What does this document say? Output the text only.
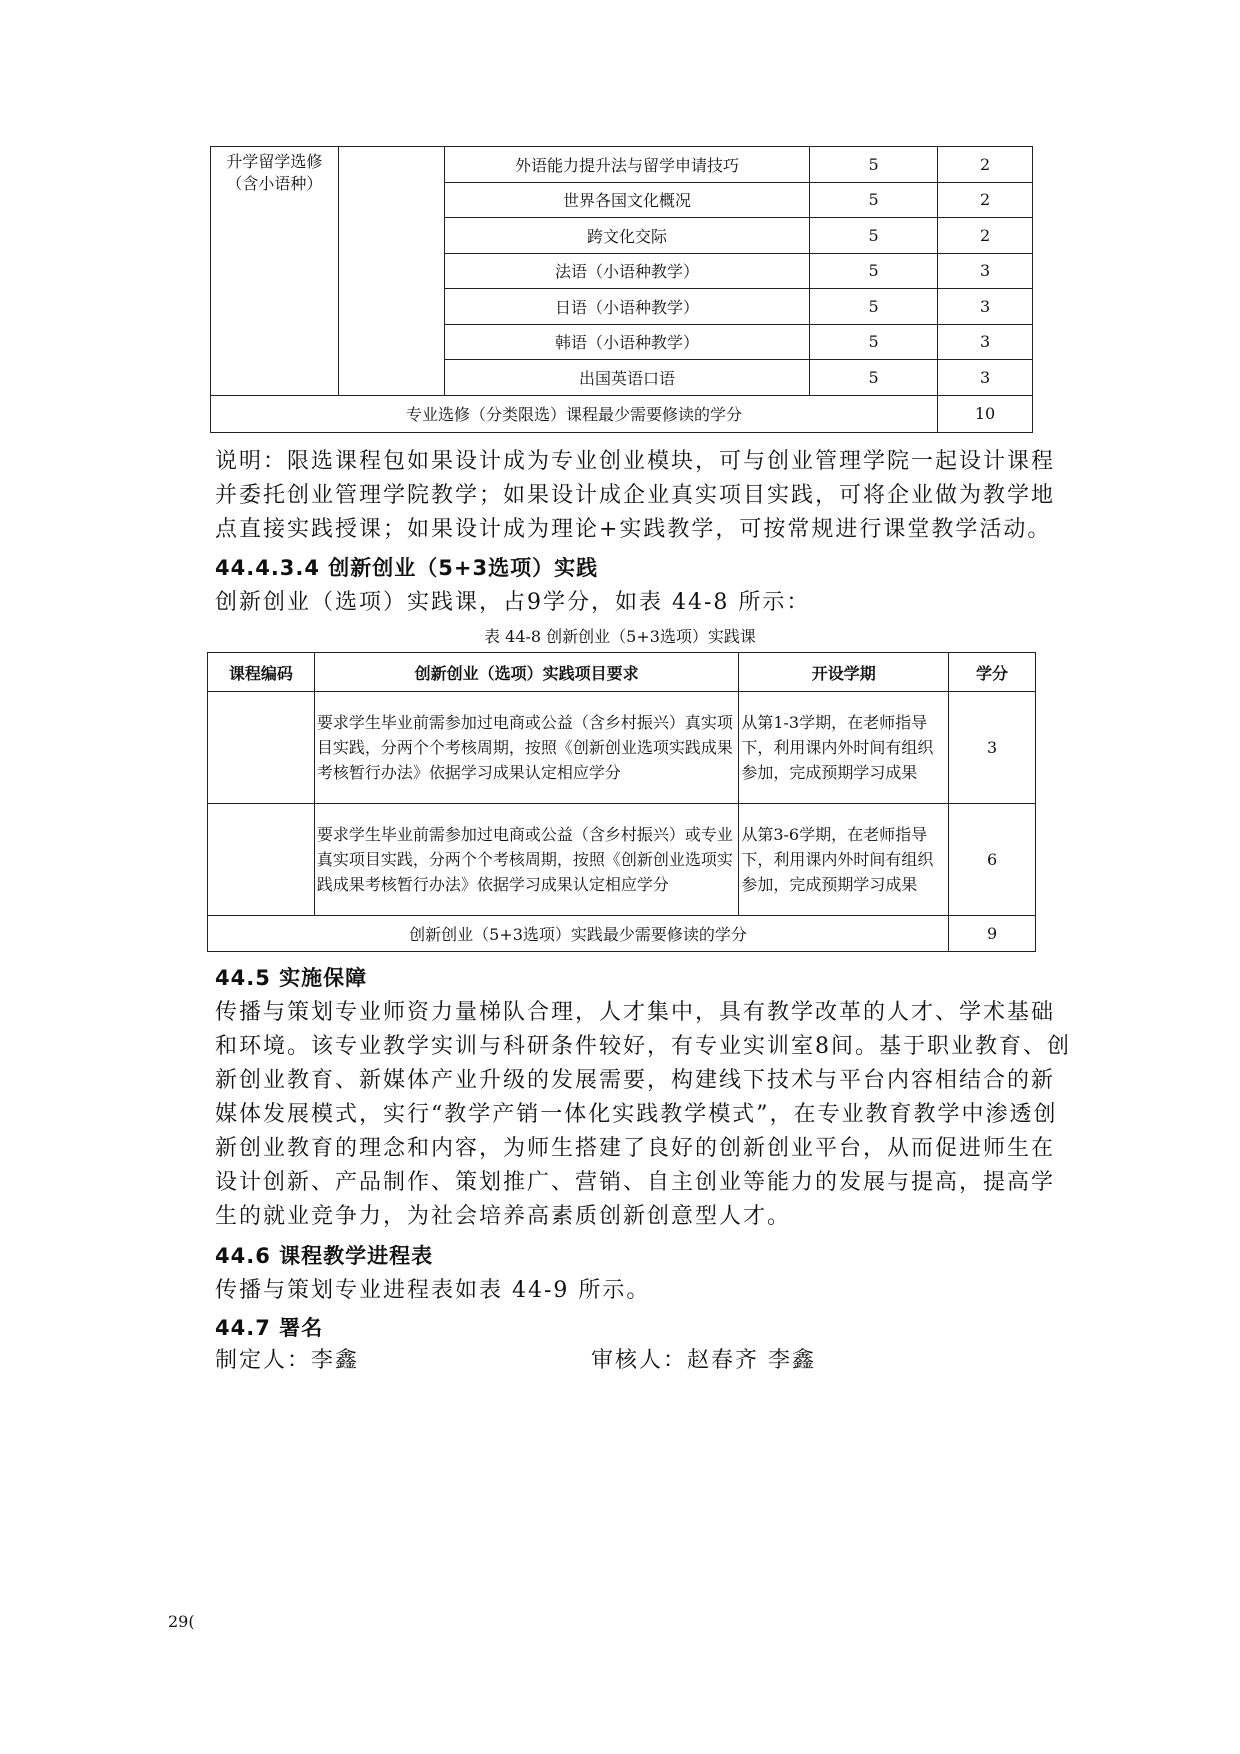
升学留学选修
（含小语种）		外语能力提升法与留学申请技巧	5	2
		世界各国文化概况	5	2
		跨文化交际	5	2
		法语（小语种教学）	5	3
		日语（小语种教学）	5	3
		韩语（小语种教学）	5	3
		出国英语口语	5	3
专业选修（分类限选）课程最少需要修读的学分				10
说明：限选课程包如果设计成为专业创业模块，可与创业管理学院一起设计课程并委托创业管理学院教学；如果设计成企业真实项目实践，可将企业做为教学地点直接实践授课；如果设计成为理论+实践教学，可按常规进行课堂教学活动。
44.4.3.4 创新创业（5+3选项）实践
创新创业（选项）实践课，占9学分，如表 44-8 所示：
表 44-8 创新创业（5+3选项）实践课
课程编码	创新创业（选项）实践项目要求	开设学期	学分
	要求学生毕业前需参加过电商或公益（含乡村振兴）真实项目实践，分两个个考核周期，按照《创新创业选项实践成果考核暂行办法》依据学习成果认定相应学分	从第1-3学期，在老师指导下，利用课内外时间有组织参加，完成预期学习成果	3
	要求学生毕业前需参加过电商或公益（含乡村振兴）或专业真实项目实践，分两个个考核周期，按照《创新创业选项实践成果考核暂行办法》依据学习成果认定相应学分	从第3-6学期，在老师指导下，利用课内外时间有组织参加，完成预期学习成果	6
创新创业（5+3选项）实践最少需要修读的学分			9
44.5 实施保障
传播与策划专业师资力量梯队合理，人才集中，具有教学改革的人才、学术基础和环境。该专业教学实训与科研条件较好，有专业实训室8间。基于职业教育、创新创业教育、新媒体产业升级的发展需要，构建线下技术与平台内容相结合的新媒体发展模式，实行“教学产销一体化实践教学模式”，在专业教育教学中渗透创新创业教育的理念和内容，为师生搭建了良好的创新创业平台，从而促进师生在设计创新、产品制作、策划推广、营销、自主创业等能力的发展与提高，提高学生的就业竞争力，为社会培养高素质创新创意型人才。
44.6 课程教学进程表
传播与策划专业进程表如表 44-9 所示。
44.7 署名
制定人：李鑫	审核人：赵春齐 李鑫
29(
